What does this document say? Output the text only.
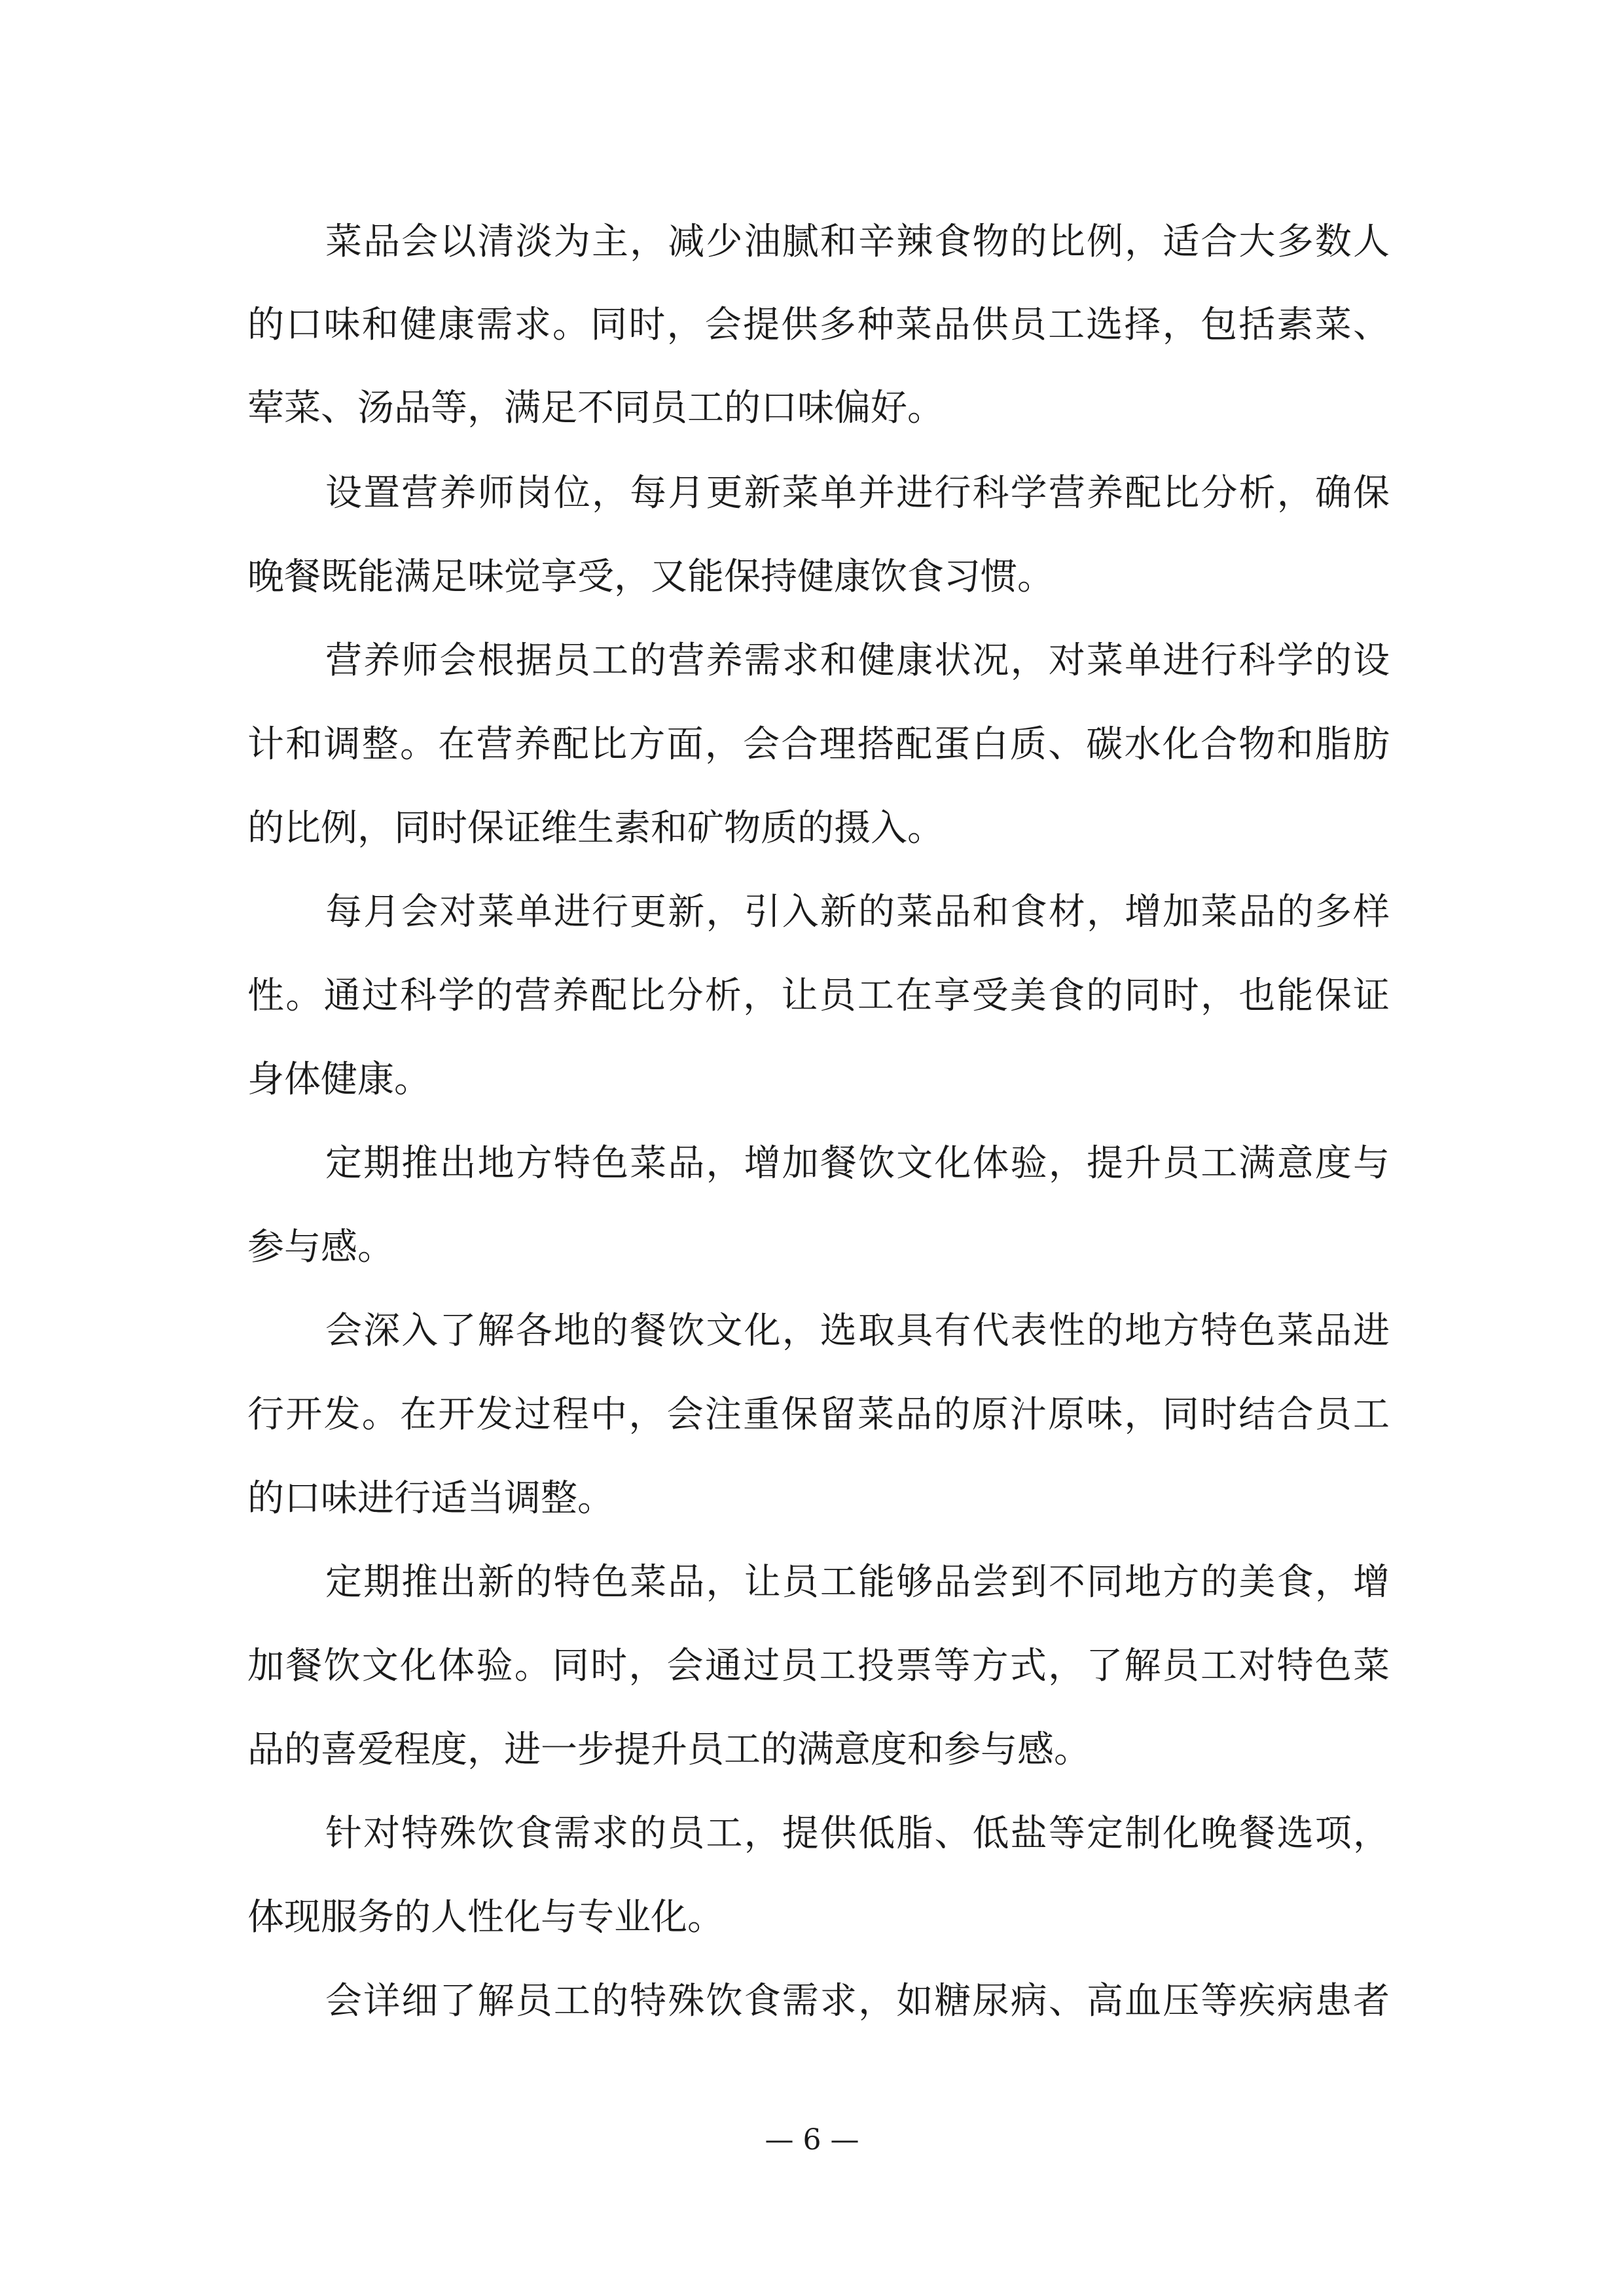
菜品会以清淡为主，减少油腻和辛辣食物的比例，适合大多数人

的口味和健康需求。同时，会提供多种菜品供员工选择，包括素菜、

荤菜、汤品等，满足不同员工的口味偏好。

设置营养师岗位，每月更新菜单并进行科学营养配比分析，确保

晚餐既能满足味觉享受，又能保持健康饮食习惯。

营养师会根据员工的营养需求和健康状况，对菜单进行科学的设

计和调整。在营养配比方面，会合理搭配蛋白质、碳水化合物和脂肪

的比例，同时保证维生素和矿物质的摄入。

每月会对菜单进行更新，引入新的菜品和食材，增加菜品的多样

性。通过科学的营养配比分析，让员工在享受美食的同时，也能保证

身体健康。

定期推出地方特色菜品，增加餐饮文化体验，提升员工满意度与

参与感。

会深入了解各地的餐饮文化，选取具有代表性的地方特色菜品进

行开发。在开发过程中，会注重保留菜品的原汁原味，同时结合员工

的口味进行适当调整。

定期推出新的特色菜品，让员工能够品尝到不同地方的美食，增

加餐饮文化体验。同时，会通过员工投票等方式，了解员工对特色菜

品的喜爱程度，进一步提升员工的满意度和参与感。

针对特殊饮食需求的员工，提供低脂、低盐等定制化晚餐选项，

体现服务的人性化与专业化。

会详细了解员工的特殊饮食需求，如糖尿病、高血压等疾病患者

— 6 —
